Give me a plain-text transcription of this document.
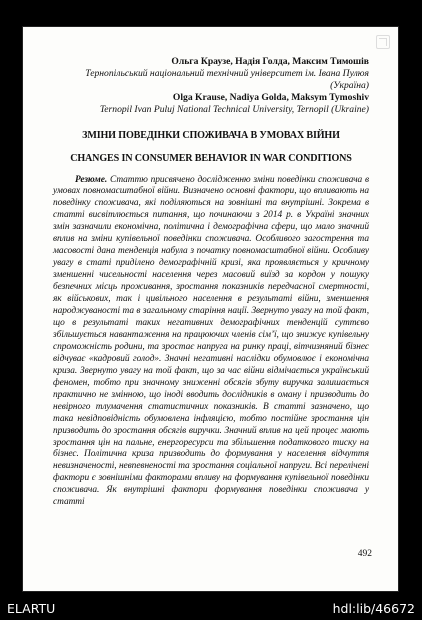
Ольга Краузе, Надія Голда, Максим Тимошів
Тернопільський національний технічний університет ім. Івана Пулюя
(Україна)
Olga Krause, Nadiya Golda, Maksym Tymoshiv
Ternopil Ivan Puluj National Technical University, Ternopil (Ukraine)
ЗМІНИ ПОВЕДІНКИ СПОЖИВАЧА В УМОВАХ ВІЙНИ
CHANGES IN CONSUMER BEHAVIOR IN WAR CONDITIONS

Резюме. Статтю присвячено дослідженню зміни поведінки споживача в умовах повномасштабної війни. Визначено основні фактори, що впливають на поведінку споживача, які поділяються на зовнішні та внутрішні. Зокрема в статті висвітлюється питання, що починаючи з 2014 р. в Україні значних змін зазначили економічна, політична і демографічна сфери, що мало значний вплив на зміни купівельної поведінки споживача. Особливого загострення та масовості дана тенденція набула з початку повномасштабної війни. Особливу увагу в статі приділено демографічній кризі, яка проявляється у кричному зменшенні чисельності населення через масовий виїзд за кордон у пошуку безпечних місць проживання, зростання показників передчасної смертності, як військових, так і цивільного населення в результаті війни, зменшення народжуваності та в загальному старіння нації. Звернуто увагу на той факт, що в результаті таких негативних демографічних тенденцій суттєво збільшується навантаження на працюючих членів сім’ї, що знижує купівельну спроможність родини, та зростає напруга на ринку праці, вітчизняний бізнес відчуває «кадровий голод». Значні негативні наслідки обумовлює і економічна криза. Звернуто увагу на той факт, що за час війни відмічається український феномен, тобто при значному зниженні обсягів збуту виручка залишається практично не змінною, що іноді вводить дослідників в оману і призводить до невірного тлумачення статистичних показників. В статті зазначено, що така невідповідність обумовлена інфляцією, тобто постійне зростання цін призводить до зростання обсягів виручки. Значний вплив на цей процес мають зростання цін на пальне, енергоресурси та збільшення податкового тиску на бізнес. Політична криза призводить до формування у населення відчуття невизначеності, невпевненості та зростання соціальної напруги. Всі перелічені фактори є зовнішніми факторами впливу на формування купівельної поведінки споживача. Як внутрішні фактори формування поведінки споживача у статті

492
ELARTU	hdl:lib/46672
